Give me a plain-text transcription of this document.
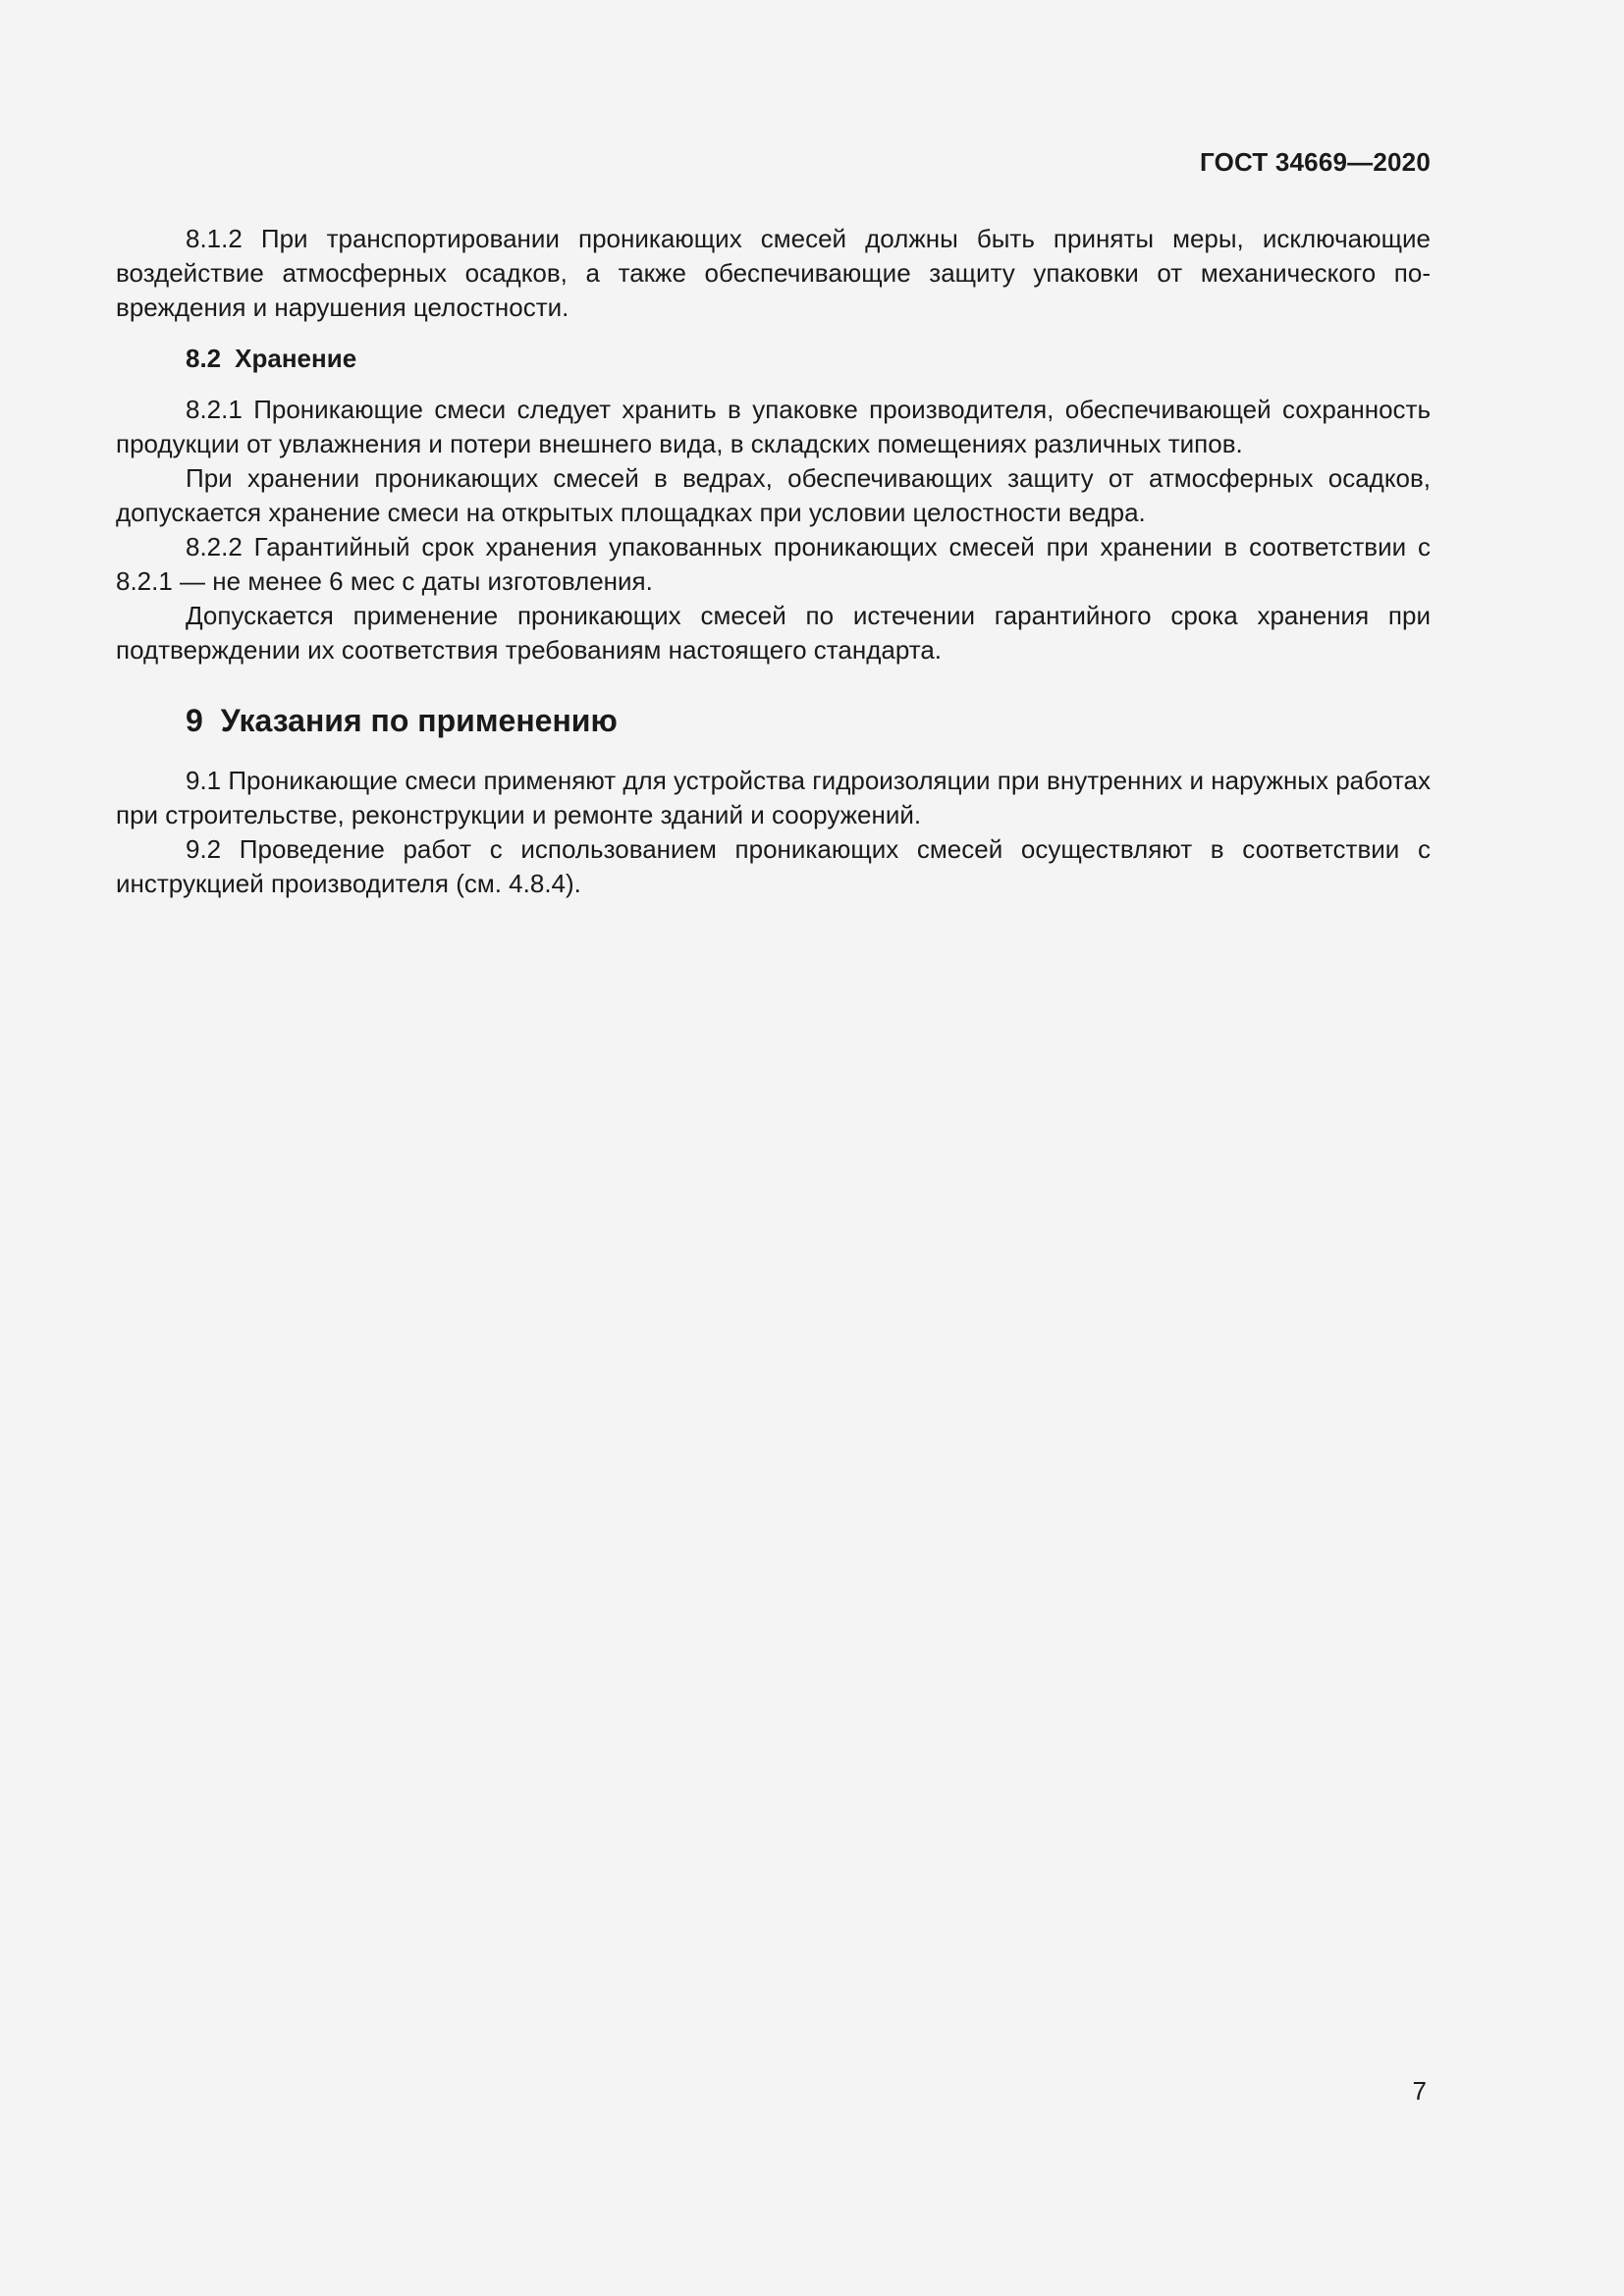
ГОСТ 34669—2020

8.1.2 При транспортировании проникающих смесей должны быть приняты меры, исключающие воздействие атмосферных осадков, а также обеспечивающие защиту упаковки от механического повреждения и нарушения целостности.

8.2 Хранение

8.2.1 Проникающие смеси следует хранить в упаковке производителя, обеспечивающей сохранность продукции от увлажнения и потери внешнего вида, в складских помещениях различных типов.

При хранении проникающих смесей в ведрах, обеспечивающих защиту от атмосферных осадков, допускается хранение смеси на открытых площадках при условии целостности ведра.

8.2.2 Гарантийный срок хранения упакованных проникающих смесей при хранении в соответствии с 8.2.1 — не менее 6 мес с даты изготовления.

Допускается применение проникающих смесей по истечении гарантийного срока хранения при подтверждении их соответствия требованиям настоящего стандарта.

9 Указания по применению

9.1 Проникающие смеси применяют для устройства гидроизоляции при внутренних и наружных работах при строительстве, реконструкции и ремонте зданий и сооружений.

9.2 Проведение работ с использованием проникающих смесей осуществляют в соответствии с инструкцией производителя (см. 4.8.4).

7
